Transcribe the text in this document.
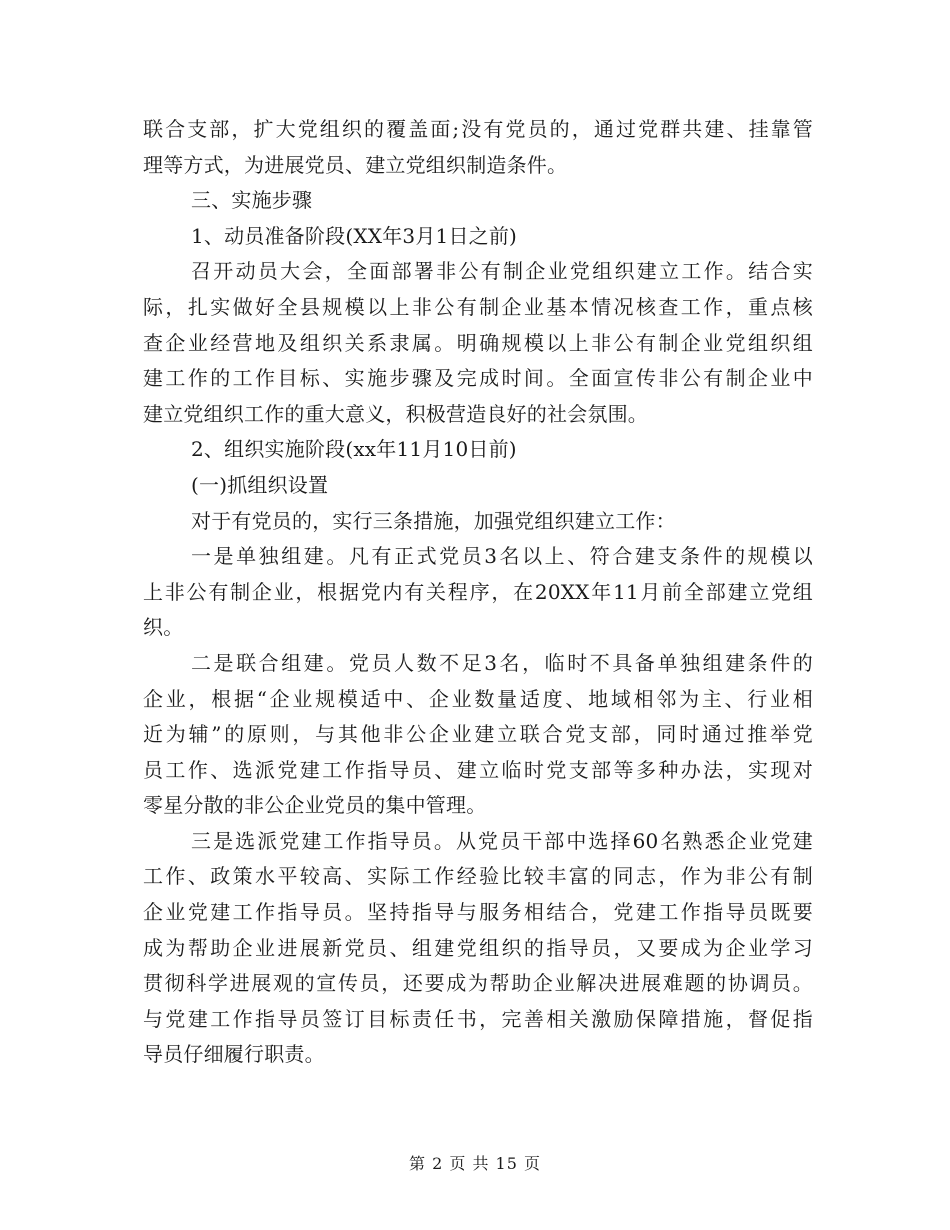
联合支部，扩大党组织的覆盖面;没有党员的，通过党群共建、挂靠管
理等方式，为进展党员、建立党组织制造条件。
三、实施步骤
1、动员准备阶段(XX年3月1日之前)
召开动员大会，全面部署非公有制企业党组织建立工作。结合实
际，扎实做好全县规模以上非公有制企业基本情况核查工作，重点核
查企业经营地及组织关系隶属。明确规模以上非公有制企业党组织组
建工作的工作目标、实施步骤及完成时间。全面宣传非公有制企业中
建立党组织工作的重大意义，积极营造良好的社会氛围。
2、组织实施阶段(xx年11月10日前)
(一)抓组织设置
对于有党员的，实行三条措施，加强党组织建立工作：
一是单独组建。凡有正式党员3名以上、符合建支条件的规模以
上非公有制企业，根据党内有关程序，在20XX年11月前全部建立党组
织。
二是联合组建。党员人数不足3名，临时不具备单独组建条件的
企业，根据“企业规模适中、企业数量适度、地域相邻为主、行业相
近为辅”的原则，与其他非公企业建立联合党支部，同时通过推举党
员工作、选派党建工作指导员、建立临时党支部等多种办法，实现对
零星分散的非公企业党员的集中管理。
三是选派党建工作指导员。从党员干部中选择60名熟悉企业党建
工作、政策水平较高、实际工作经验比较丰富的同志，作为非公有制
企业党建工作指导员。坚持指导与服务相结合，党建工作指导员既要
成为帮助企业进展新党员、组建党组织的指导员，又要成为企业学习
贯彻科学进展观的宣传员，还要成为帮助企业解决进展难题的协调员。
与党建工作指导员签订目标责任书，完善相关激励保障措施，督促指
导员仔细履行职责。
第 2 页 共 15 页
